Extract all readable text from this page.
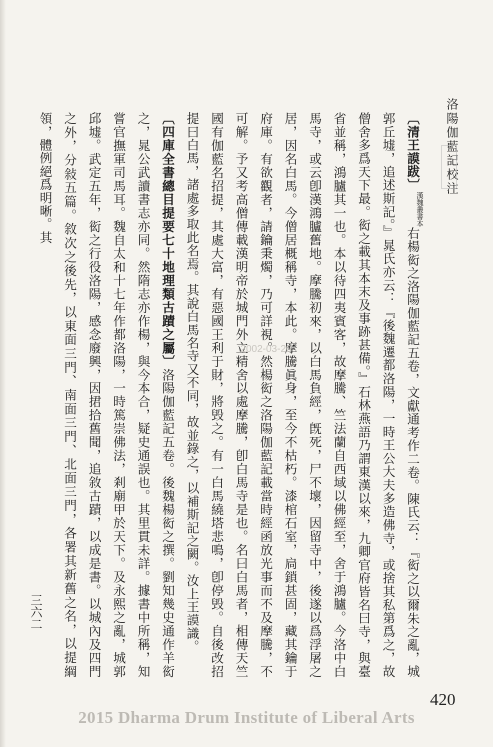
洛陽伽藍記校注

〔清王謨跋〕漢魏叢書本右楊衒之洛陽伽藍記五卷，文獻通考作二卷。陳氏云：『衒之以爾朱之亂，城郭丘墟，追述斯記。』晁氏亦云：『後魏遷都洛陽，一時王公大夫多造佛寺，或捨其私第爲之，故僧舍多爲天下最。衒之載其本末及事跡甚備。』石林燕語乃謂東漢以來，九卿官府皆名曰寺，與臺省並稱，鴻臚其一也。本以待四夷賓客，故摩騰、竺法蘭自西域以佛經至，舍于鴻臚。今洛中白馬寺，或云卽漢鴻臚舊地。摩騰初來，以白馬負經，旣死，尸不壞，因留寺中，後遂以爲浮屠之居，因名白馬。今僧居概稱寺，本此。摩騰眞身，至今不枯朽。漆棺石室，扃鎖甚固，藏其鑰于府庫。有欲觀者，請鑰秉燭，乃可詳視。然楊衒之洛陽伽藍記載當時經函放光事而不及摩騰，不可解。予又考高僧傳載漢明帝於城門外立精舍以處摩騰，卽白馬寺是也。名曰白馬者，相傳天竺國有伽藍名招提，其處大富，有惡國王利于財，將毁之。有一白馬繞塔悲鳴，卽停毁。自後改招提曰白馬，諸處多取此名焉。其說白馬名寺又不同，故並錄之，以補斯記之闕。汝上王謨識。

〔四庫全書總目提要七十地理類古蹟之屬〕洛陽伽藍記五卷。後魏楊衒之撰。劉知幾史通作羊衒之，晁公武讀書志亦同。然隋志亦作楊，與今本合，疑史通誤也。其里貫未詳。據書中所稱，知嘗官撫軍司馬耳。魏自太和十七年作都洛陽，一時篤崇佛法，剎廟甲於天下。及永熙之亂，城郭邱墟。武定五年，衒之行役洛陽，感念廢興，因捃拾舊聞，追敘古蹟，以成是書。以城內及四門之外，分敍五篇。敘次之後先，以東面三門、南面三門、北面三門，各署其新舊之名，以提綱領，體例絕爲明晰。其

2002-03-20
三六二
420
2015 Dharma Drum Institute of Liberal Arts
